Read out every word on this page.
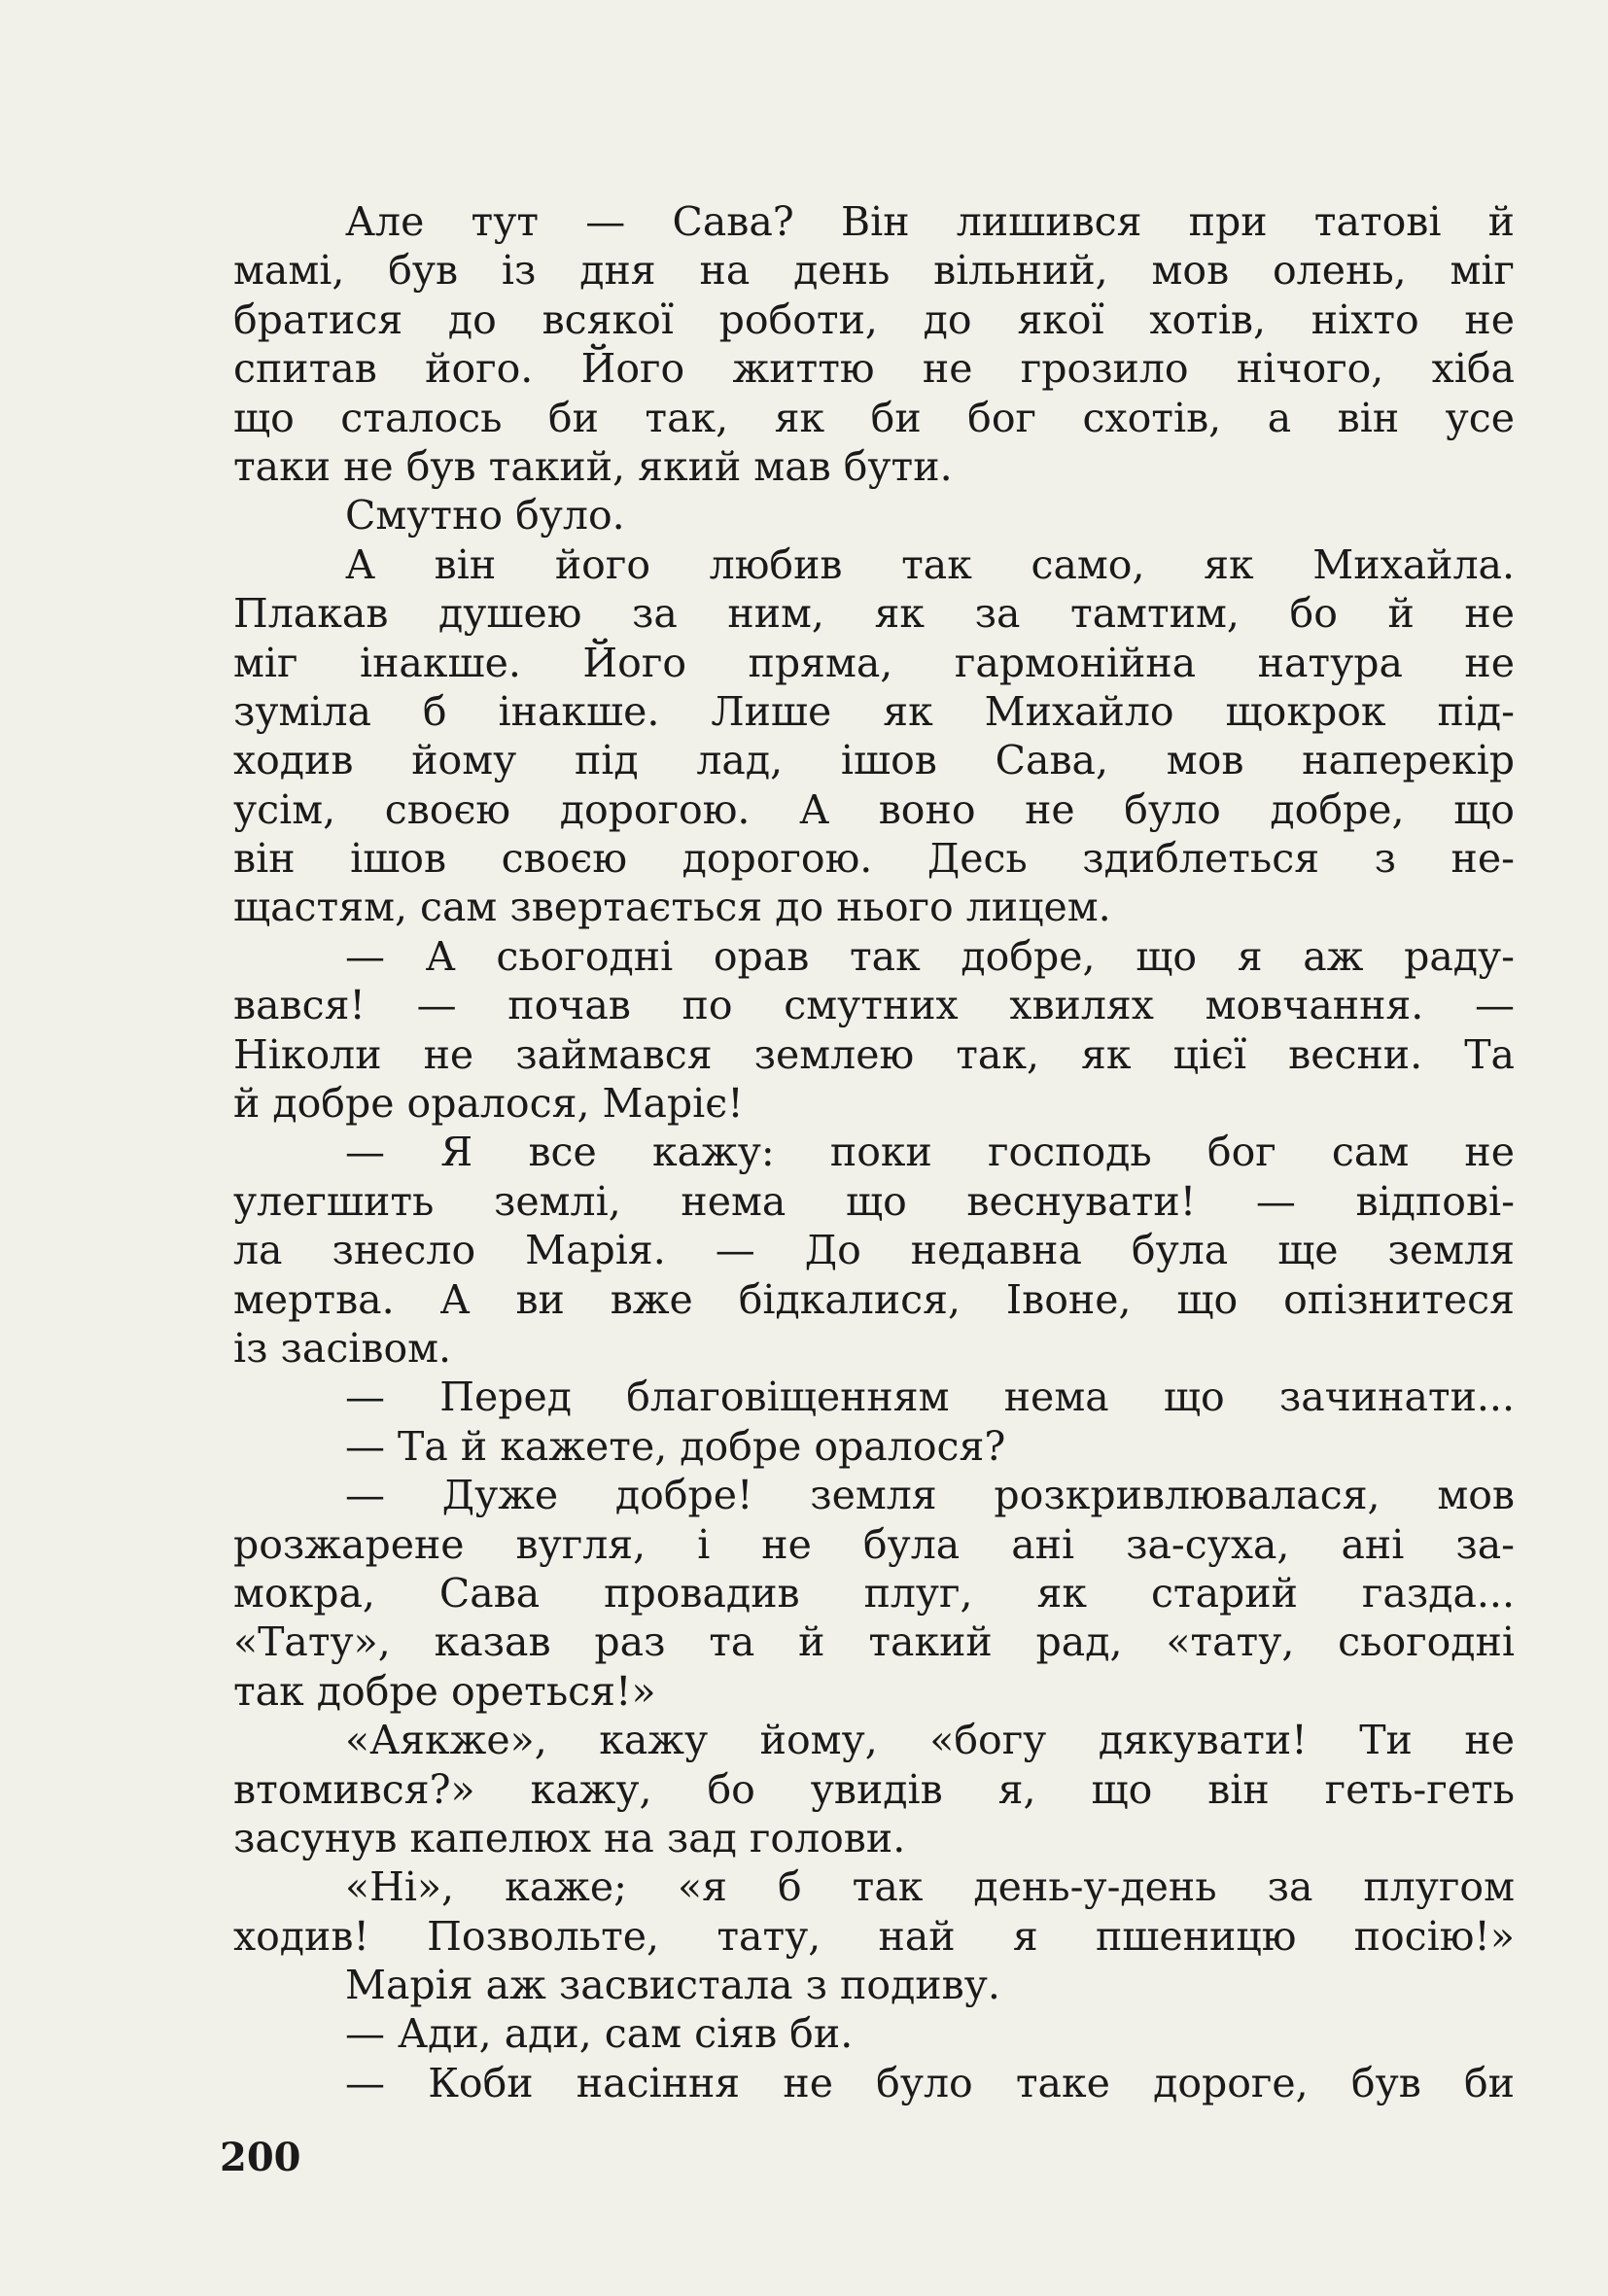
Але тут — Сава? Він лишився при татові й
мамі, був із дня на день вільний, мов олень, міг
братися до всякої роботи, до якої хотів, ніхто не
спитав його. Його життю не грозило нічого, хіба
що сталось би так, як би бог схотів, а він усе
таки не був такий, який мав бути.
Смутно було.
А він його любив так само, як Михайла.
Плакав душею за ним, як за тамтим, бо й не
міг інакше. Його пряма, гармонійна натура не
зуміла б інакше. Лише як Михайло щокрок під-
ходив йому під лад, ішов Сава, мов наперекір
усім, своєю дорогою. А воно не було добре, що
він ішов своєю дорогою. Десь здиблеться з не-
щастям, сам звертається до нього лицем.
— А сьогодні орав так добре, що я аж раду-
вався! — почав по смутних хвилях мовчання. —
Ніколи не займався землею так, як цієї весни. Та
й добре оралося, Маріє!
— Я все кажу: поки господь бог сам не
улегшить землі, нема що веснувати! — відпові-
ла знесло Марія. — До недавна була ще земля
мертва. А ви вже бідкалися, Івоне, що опізнитеся
із засівом.
— Перед благовіщенням нема що зачинати...
— Та й кажете, добре оралося?
— Дуже добре! земля розкривлювалася, мов
розжарене вугля, і не була ані за-суха, ані за-
мокра, Сава провадив плуг, як старий газда...
«Тату», казав раз та й такий рад, «тату, сьогодні
так добре ореться!»
«Аякже», кажу йому, «богу дякувати! Ти не
втомився?» кажу, бо увидів я, що він геть-геть
засунув капелюх на зад голови.
«Ні», каже; «я б так день-у-день за плугом
ходив! Позвольте, тату, най я пшеницю посію!»
Марія аж засвистала з подиву.
— Ади, ади, сам сіяв би.
— Коби насіння не було таке дороге, був би
200
